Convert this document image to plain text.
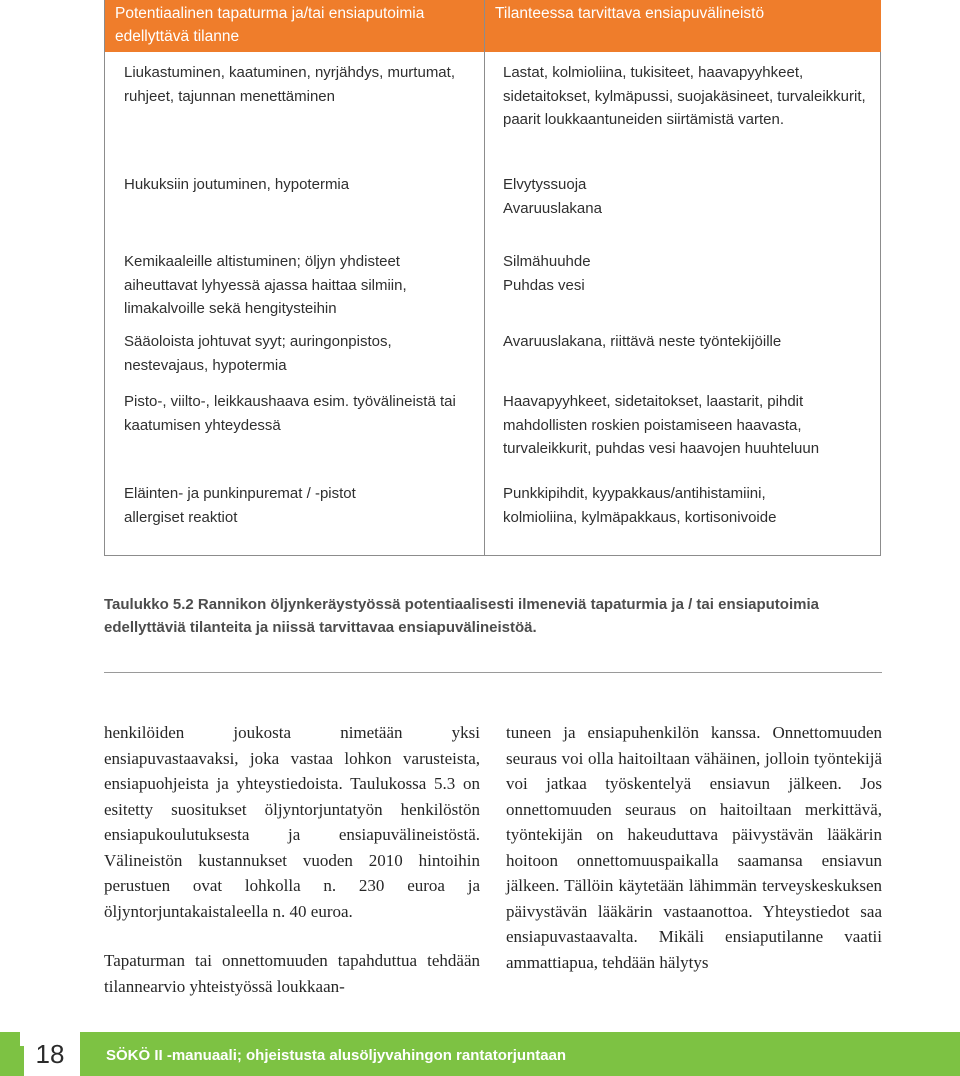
Potentiaalinen tapaturma ja/tai ensiaputoimia edellyttävä tilanne
Tilanteessa tarvittava ensiapuvälineistö
Liukastuminen, kaatuminen, nyrjähdys, murtumat, ruhjeet, tajunnan menettäminen
Lastat, kolmioliina, tukisiteet, haavapyyhkeet, sidetaitokset, kylmäpussi, suojakäsineet, turvaleikkurit, paarit loukkaantuneiden siirtämistä varten.
Hukuksiin joutuminen, hypotermia	Elvytyssuoja
Avaruuslakana
Kemikaaleille altistuminen; öljyn yhdisteet aiheuttavat lyhyessä ajassa haittaa silmiin, limakalvoille sekä hengitysteihin
Silmähuuhde
Puhdas vesi
Sääoloista johtuvat syyt; auringonpistos, nestevajaus, hypotermia
Avaruuslakana, riittävä neste työntekijöille
Pisto-, viilto-, leikkaushaava esim. työvälineistä tai kaatumisen yhteydessä
Haavapyyhkeet, sidetaitokset, laastarit, pihdit mahdollisten roskien poistamiseen haavasta, turvaleikkurit, puhdas vesi haavojen huuhteluun
Eläinten- ja punkinpuremat / -pistot
allergiset reaktiot
Punkkipihdit, kyypakkaus/antihistamiini,
kolmioliina, kylmäpakkaus, kortisonivoide
Taulukko 5.2 Rannikon öljynkeräystyössä potentiaalisesti ilmeneviä tapaturmia ja / tai ensiaputoimia edellyttäviä tilanteita ja niissä tarvittavaa ensiapuvälineistöä.

henkilöiden joukosta nimetään yksi ensiapuvastaavaksi, joka vastaa lohkon varusteista, ensiapuohjeista ja yhteystiedoista. Taulukossa 5.3 on esitetty suositukset öljyntorjuntatyön henkilöstön ensiapukoulutuksesta ja ensiapuvälineistöstä. Välineistön kustannukset vuoden 2010 hintoihin perustuen ovat lohkolla n. 230 euroa ja öljyntorjuntakaistaleella n. 40 euroa.

Tapaturman tai onnettomuuden tapahduttua tehdään tilannearvio yhteistyössä loukkaan-

tuneen ja ensiapuhenkilön kanssa. Onnettomuuden seuraus voi olla haitoiltaan vähäinen, jolloin työntekijä voi jatkaa työskentelyä ensiavun jälkeen. Jos onnettomuuden seuraus on haitoiltaan merkittävä, työntekijän on hakeuduttava päivystävän lääkärin hoitoon onnettomuuspaikalla saamansa ensiavun jälkeen. Tällöin käytetään lähimmän terveyskeskuksen päivystävän lääkärin vastaanottoa. Yhteystiedot saa ensiapuvastaavalta. Mikäli ensiaputilanne vaatii ammattiapua, tehdään hälytys

18	SÖKÖ II -manuaali; ohjeistusta alusöljyvahingon rantatorjuntaan
